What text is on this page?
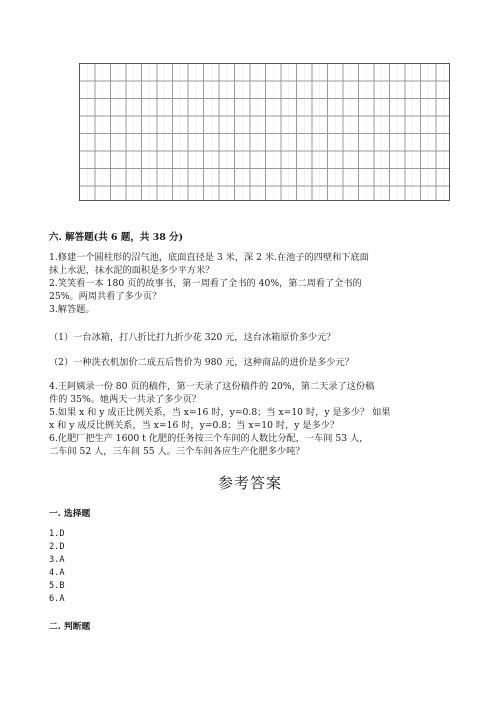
六. 解答题(共 6 题，共 38 分)
1.修建一个圆柱形的沼气池，底面直径是 3 米，深 2 米.在池子的四壁和下底面
抹上水泥，抹水泥的面积是多少平方米？
2.笑笑看一本 180 页的故事书，第一周看了全书的 40%，第二周看了全书的
25%。两周共看了多少页？
3.解答题。
（1）一台冰箱，打八折比打九折少花 320 元，这台冰箱原价多少元？
（2）一种洗衣机加价二成五后售价为 980 元，这种商品的进价是多少元？
4.王阿姨录一份 80 页的稿件，第一天录了这份稿件的 20%，第二天录了这份稿
件的 35%。她两天一共录了多少页？
5.如果 x 和 y 成正比例关系，当 x=16 时，y=0.8；当 x=10 时，y 是多少？ 如果
x 和 y 成反比例关系，当 x=16 时，y=0.8；当 x=10 时，y 是多少？
6.化肥厂把生产 1600 t 化肥的任务按三个车间的人数比分配，一车间 53 人，
二车间 52 人，三车间 55 人。三个车间各应生产化肥多少吨？
参考答案
一. 选择题
1.D
2.D
3.A
4.A
5.B
6.A
二. 判断题
